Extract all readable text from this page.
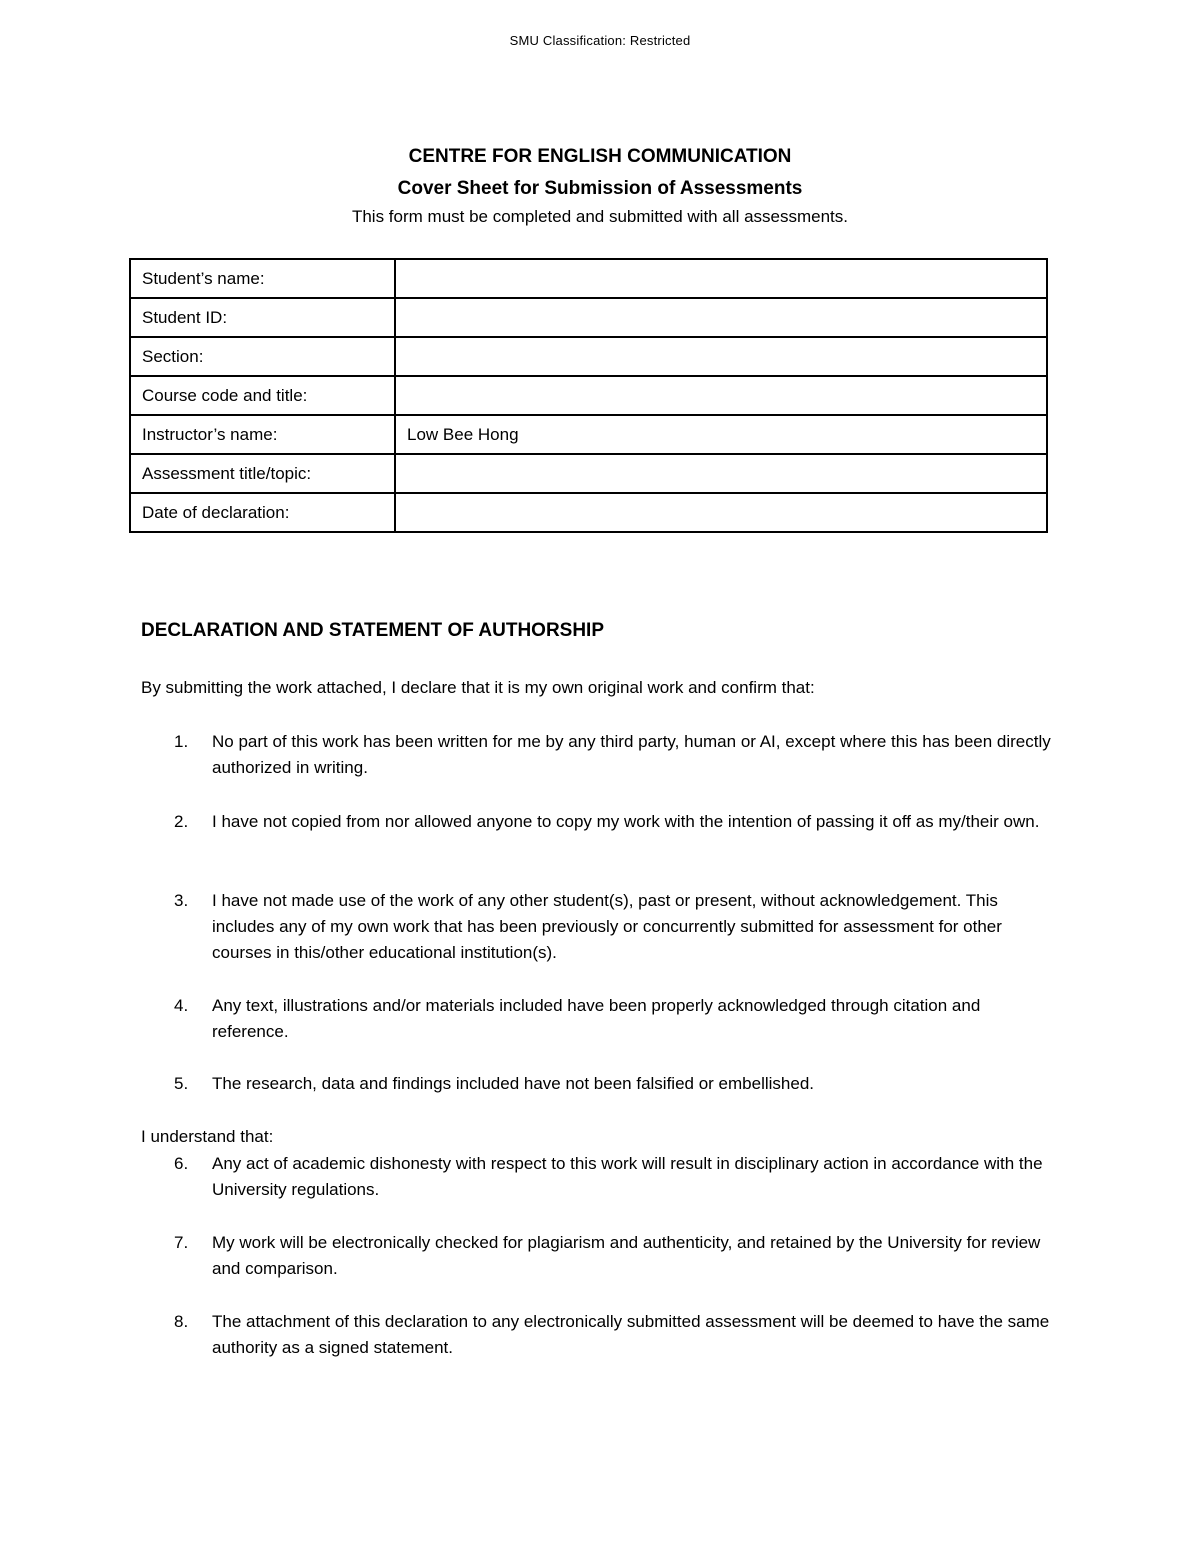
SMU Classification: Restricted
CENTRE FOR ENGLISH COMMUNICATION
Cover Sheet for Submission of Assessments
This form must be completed and submitted with all assessments.
Student’s name:	
Student ID:	
Section:	
Course code and title:	
Instructor’s name:	Low Bee Hong
Assessment title/topic:	
Date of declaration:	
DECLARATION AND STATEMENT OF AUTHORSHIP
By submitting the work attached, I declare that it is my own original work and confirm that:
1. No part of this work has been written for me by any third party, human or AI, except where this has been directly authorized in writing.
2. I have not copied from nor allowed anyone to copy my work with the intention of passing it off as my/their own.
3. I have not made use of the work of any other student(s), past or present, without acknowledgement. This includes any of my own work that has been previously or concurrently submitted for assessment for other courses in this/other educational institution(s).
4. Any text, illustrations and/or materials included have been properly acknowledged through citation and reference.
5. The research, data and findings included have not been falsified or embellished.
I understand that:
6. Any act of academic dishonesty with respect to this work will result in disciplinary action in accordance with the University regulations.
7. My work will be electronically checked for plagiarism and authenticity, and retained by the University for review and comparison.
8. The attachment of this declaration to any electronically submitted assessment will be deemed to have the same authority as a signed statement.
